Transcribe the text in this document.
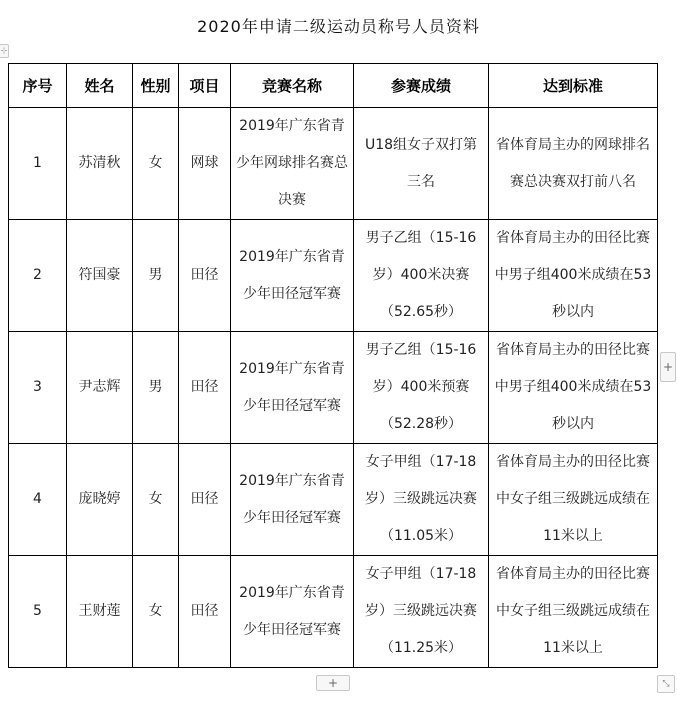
2020年申请二级运动员称号人员资料
⊹
序号	姓名	性别	项目	竞赛名称	参赛成绩	达到标准
1	苏清秋	女	网球	2019年广东省青少年网球排名赛总决赛	U18组女子双打第三名	省体育局主办的网球排名赛总决赛双打前八名
2	符国豪	男	田径	2019年广东省青少年田径冠军赛	男子乙组（15-16岁）400米决赛（52.65秒）	省体育局主办的田径比赛中男子组400米成绩在53秒以内
3	尹志辉	男	田径	2019年广东省青少年田径冠军赛	男子乙组（15-16岁）400米预赛（52.28秒）	省体育局主办的田径比赛中男子组400米成绩在53秒以内
4	庞晓婷	女	田径	2019年广东省青少年田径冠军赛	女子甲组（17-18岁）三级跳远决赛（11.05米）	省体育局主办的田径比赛中女子组三级跳远成绩在11米以上
5	王财莲	女	田径	2019年广东省青少年田径冠军赛	女子甲组（17-18岁）三级跳远决赛（11.25米）	省体育局主办的田径比赛中女子组三级跳远成绩在11米以上
+
+	⤡
